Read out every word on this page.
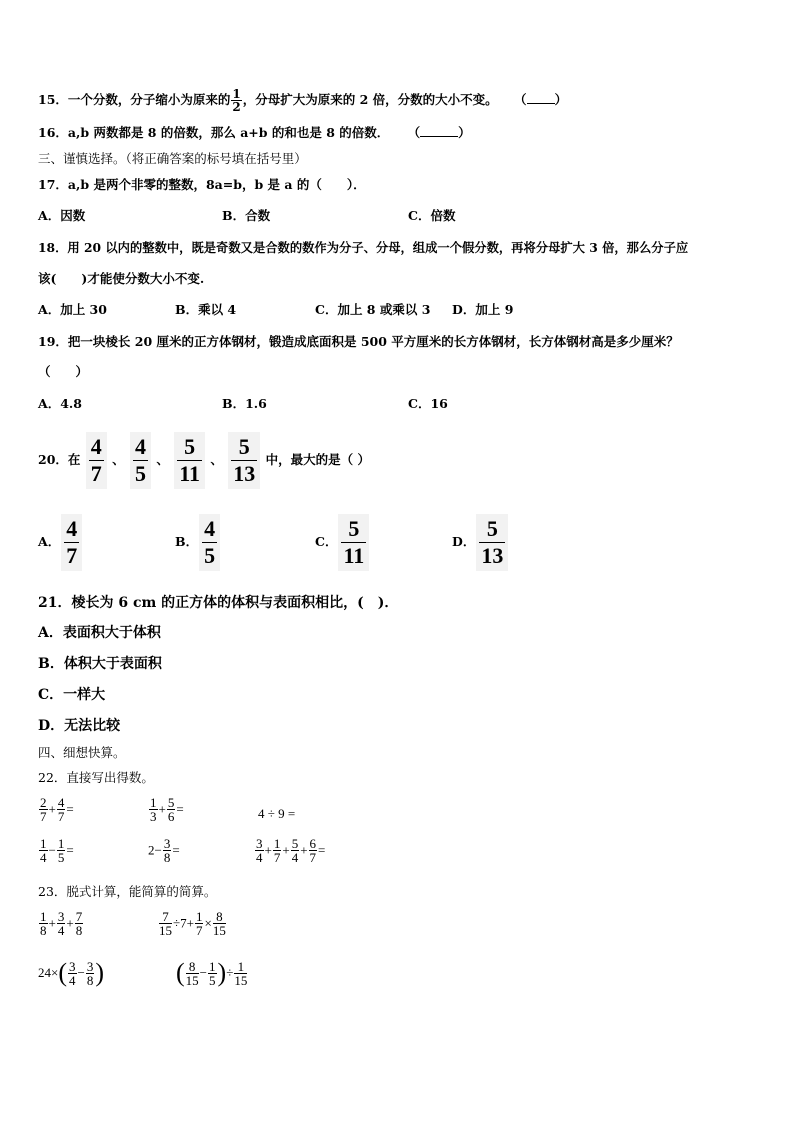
15．一个分数，分子缩小为原来的 $\frac{1}{2}$ ，分母扩大为原来的 2 倍，分数的大小不变。 （ ）
16．a,b 两数都是 8 的倍数，那么 a+b 的和也是 8 的倍数． （	）
三、谨慎选择。（将正确答案的标号填在括号里）
17．a,b 是两个非零的整数，8a=b，b 是 a 的（　　）．
A．因数	B．合数	C．倍数
18．用 20 以内的整数中，既是奇数又是合数的数作为分子、分母，组成一个假分数，再将分母扩大 3 倍，那么分子应
该(　　)才能使分数大小不变.
A．加上 30	B．乘以 4	C．加上 8 或乘以 3 D．加上 9
19．把一块棱长 20 厘米的正方体钢材，锻造成底面积是 500 平方厘米的长方体钢材，长方体钢材高是多少厘米？
（　　）
A．4.8	B．1.6	C．16
20．在 $\frac{4}{7}$ 、 $\frac{4}{5}$ 、 $\frac{5}{11}$ 、 $\frac{5}{13}$ 中，最大的是（ ）
A． $\frac{4}{7}$	B． $\frac{4}{5}$	C． $\frac{5}{11}$	D． $\frac{5}{13}$
21．棱长为 6 cm 的正方体的体积与表面积相比，(　)．
A．表面积大于体积
B．体积大于表面积
C．一样大
D．无法比较
四、细想快算。
22．直接写出得数。
$\frac{2}{7} + \frac{4}{7}$ =	$\frac{1}{3} + \frac{5}{6}$ =	4 ÷ 9 =
$\frac{1}{4} - \frac{1}{5}$ =	$2- \frac{3}{8}$ =	$\frac{3}{4} + \frac{1}{7} + \frac{5}{4} + \frac{6}{7}$ =
23．脱式计算，能简算的简算。
$\frac{1}{8} + \frac{3}{4} + \frac{7}{8}$	$\frac{7}{15} \div 7+ \frac{1}{7} \times \frac{8}{15}$
$24\times( \frac{3}{4} - \frac{3}{8}$ )	( $\frac{8}{15} - \frac{1}{5}$ )÷ $\frac{1}{15}$
